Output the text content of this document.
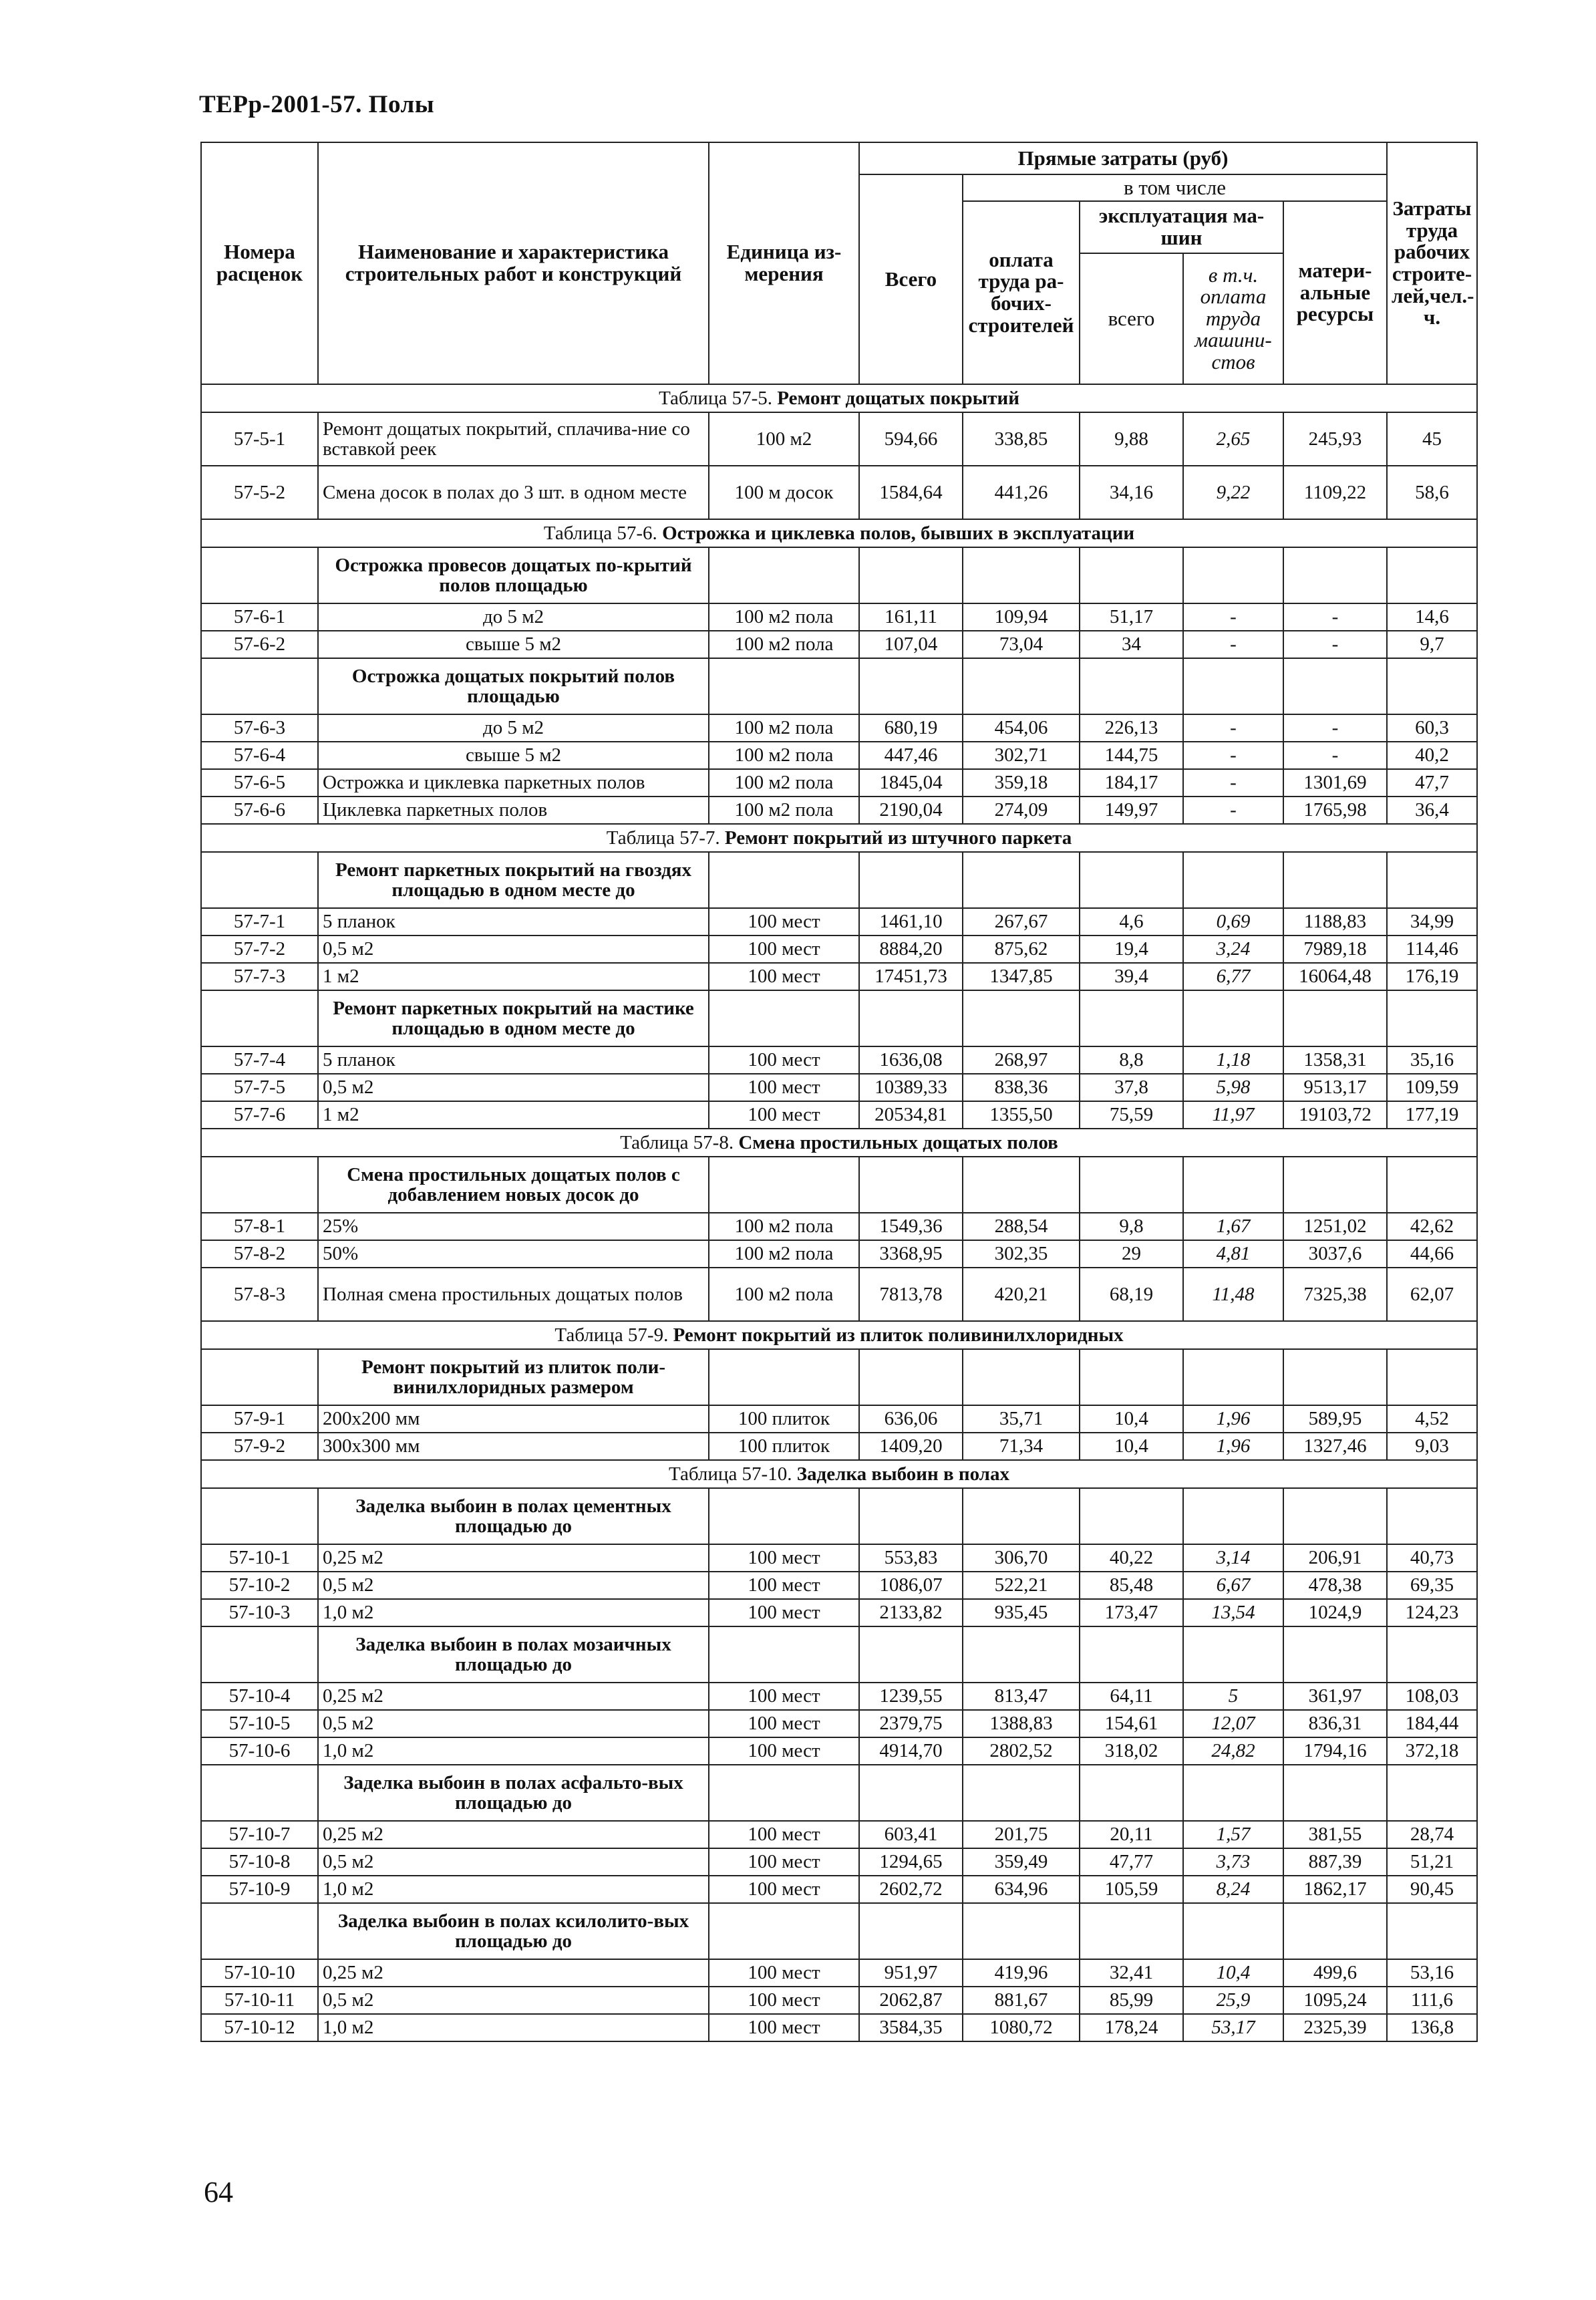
ТЕРр-2001-57. Полы
Номера расценок	Наименование и характеристика строительных работ и конструкций	Единица из-мерения	Прямые затраты (руб)					Затраты труда рабочих строите-лей,чел.-ч.
			Всего	в том числе				
				оплата труда ра-бочих-строителей	эксплуатация ма-шин		матери-альные ресурсы	
					всего	в т.ч. оплата труда машини-стов		
Таблица 57-5. Ремонт дощатых покрытий								
57-5-1	Ремонт дощатых покрытий, сплачива-ние со вставкой реек	100 м2	594,66	338,85	9,88	2,65	245,93	45
57-5-2	Смена досок в полах до 3 шт. в одном месте	100 м досок	1584,64	441,26	34,16	9,22	1109,22	58,6
Таблица 57-6. Острожка и циклевка полов, бывших в эксплуатации								
	Острожка провесов дощатых по-крытий полов площадью							
57-6-1	до 5 м2	100 м2 пола	161,11	109,94	51,17	-	-	14,6
57-6-2	свыше 5 м2	100 м2 пола	107,04	73,04	34	-	-	9,7
	Острожка дощатых покрытий полов площадью							
57-6-3	до 5 м2	100 м2 пола	680,19	454,06	226,13	-	-	60,3
57-6-4	свыше 5 м2	100 м2 пола	447,46	302,71	144,75	-	-	40,2
57-6-5	Острожка и циклевка паркетных полов	100 м2 пола	1845,04	359,18	184,17	-	1301,69	47,7
57-6-6	Циклевка паркетных полов	100 м2 пола	2190,04	274,09	149,97	-	1765,98	36,4
Таблица 57-7. Ремонт покрытий из штучного паркета								
	Ремонт паркетных покрытий на гвоздях площадью в одном месте до							
57-7-1	5 планок	100 мест	1461,10	267,67	4,6	0,69	1188,83	34,99
57-7-2	0,5 м2	100 мест	8884,20	875,62	19,4	3,24	7989,18	114,46
57-7-3	1 м2	100 мест	17451,73	1347,85	39,4	6,77	16064,48	176,19
	Ремонт паркетных покрытий на мастике площадью в одном месте до							
57-7-4	5 планок	100 мест	1636,08	268,97	8,8	1,18	1358,31	35,16
57-7-5	0,5 м2	100 мест	10389,33	838,36	37,8	5,98	9513,17	109,59
57-7-6	1 м2	100 мест	20534,81	1355,50	75,59	11,97	19103,72	177,19
Таблица 57-8. Смена простильных дощатых полов								
	Смена простильных дощатых полов с добавлением новых досок до							
57-8-1	25%	100 м2 пола	1549,36	288,54	9,8	1,67	1251,02	42,62
57-8-2	50%	100 м2 пола	3368,95	302,35	29	4,81	3037,6	44,66
57-8-3	Полная смена простильных дощатых полов	100 м2 пола	7813,78	420,21	68,19	11,48	7325,38	62,07
Таблица 57-9. Ремонт покрытий из плиток поливинилхлоридных								
	Ремонт покрытий из плиток поли-винилхлоридных размером							
57-9-1	200х200 мм	100 плиток	636,06	35,71	10,4	1,96	589,95	4,52
57-9-2	300х300 мм	100 плиток	1409,20	71,34	10,4	1,96	1327,46	9,03
Таблица 57-10. Заделка выбоин в полах								
	Заделка выбоин в полах цементных площадью до							
57-10-1	0,25 м2	100 мест	553,83	306,70	40,22	3,14	206,91	40,73
57-10-2	0,5 м2	100 мест	1086,07	522,21	85,48	6,67	478,38	69,35
57-10-3	1,0 м2	100 мест	2133,82	935,45	173,47	13,54	1024,9	124,23
	Заделка выбоин в полах мозаичных площадью до							
57-10-4	0,25 м2	100 мест	1239,55	813,47	64,11	5	361,97	108,03
57-10-5	0,5 м2	100 мест	2379,75	1388,83	154,61	12,07	836,31	184,44
57-10-6	1,0 м2	100 мест	4914,70	2802,52	318,02	24,82	1794,16	372,18
	Заделка выбоин в полах асфальто-вых площадью до							
57-10-7	0,25 м2	100 мест	603,41	201,75	20,11	1,57	381,55	28,74
57-10-8	0,5 м2	100 мест	1294,65	359,49	47,77	3,73	887,39	51,21
57-10-9	1,0 м2	100 мест	2602,72	634,96	105,59	8,24	1862,17	90,45
	Заделка выбоин в полах ксилолито-вых площадью до							
57-10-10	0,25 м2	100 мест	951,97	419,96	32,41	10,4	499,6	53,16
57-10-11	0,5 м2	100 мест	2062,87	881,67	85,99	25,9	1095,24	111,6
57-10-12	1,0 м2	100 мест	3584,35	1080,72	178,24	53,17	2325,39	136,8
64
